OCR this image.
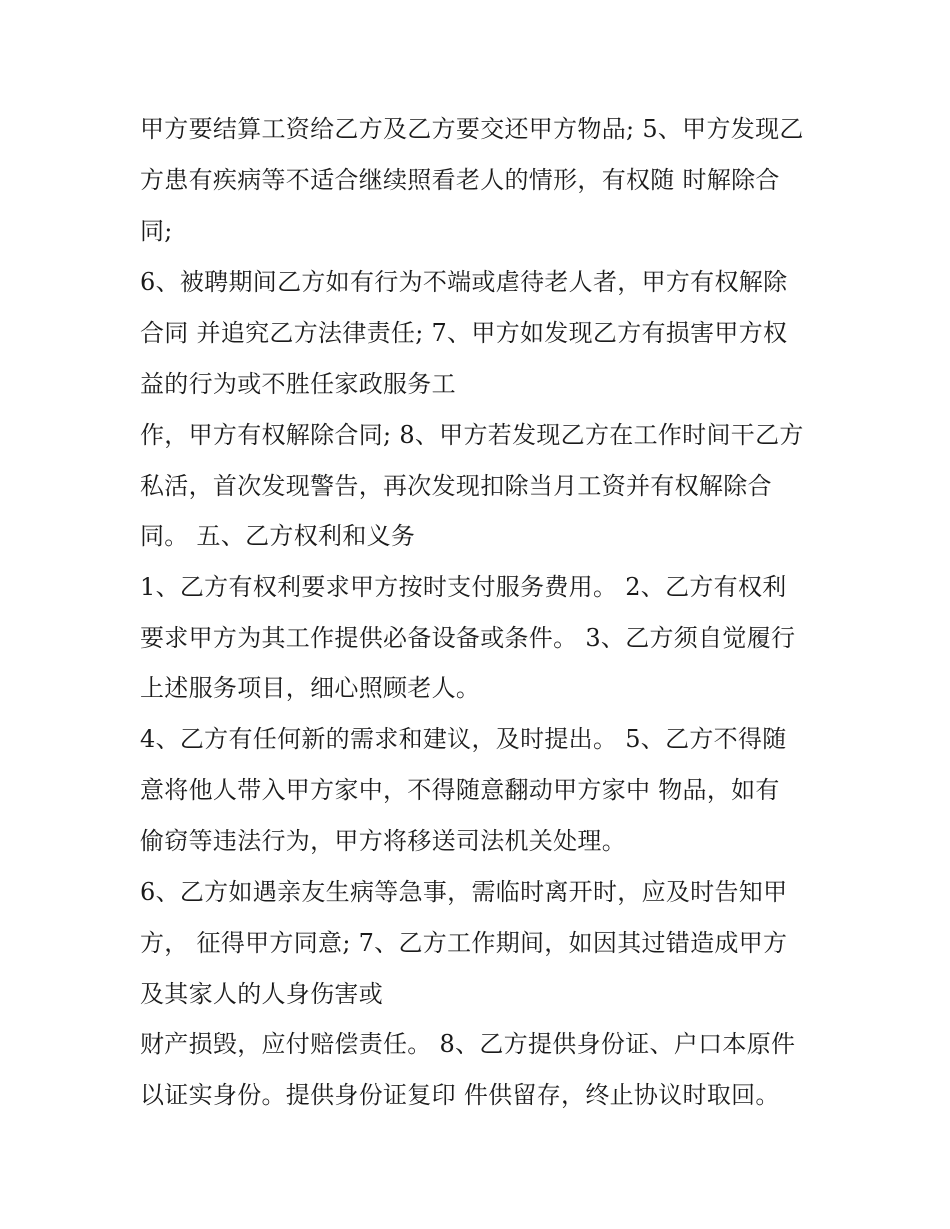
甲方要结算工资给乙方及乙方要交还甲方物品; 5、甲方发现乙
方患有疾病等不适合继续照看老人的情形，有权随 时解除合
同;
6、被聘期间乙方如有行为不端或虐待老人者，甲方有权解除
合同 并追究乙方法律责任; 7、甲方如发现乙方有损害甲方权
益的行为或不胜任家政服务工
作，甲方有权解除合同; 8、甲方若发现乙方在工作时间干乙方
私活，首次发现警告，再次发现扣除当月工资并有权解除合
同。 五、乙方权利和义务
1、乙方有权利要求甲方按时支付服务费用。 2、乙方有权利
要求甲方为其工作提供必备设备或条件。 3、乙方须自觉履行
上述服务项目，细心照顾老人。
4、乙方有任何新的需求和建议，及时提出。 5、乙方不得随
意将他人带入甲方家中，不得随意翻动甲方家中 物品，如有
偷窃等违法行为，甲方将移送司法机关处理。
6、乙方如遇亲友生病等急事，需临时离开时，应及时告知甲
方， 征得甲方同意; 7、乙方工作期间，如因其过错造成甲方
及其家人的人身伤害或
财产损毁，应付赔偿责任。 8、乙方提供身份证、户口本原件
以证实身份。提供身份证复印 件供留存，终止协议时取回。
